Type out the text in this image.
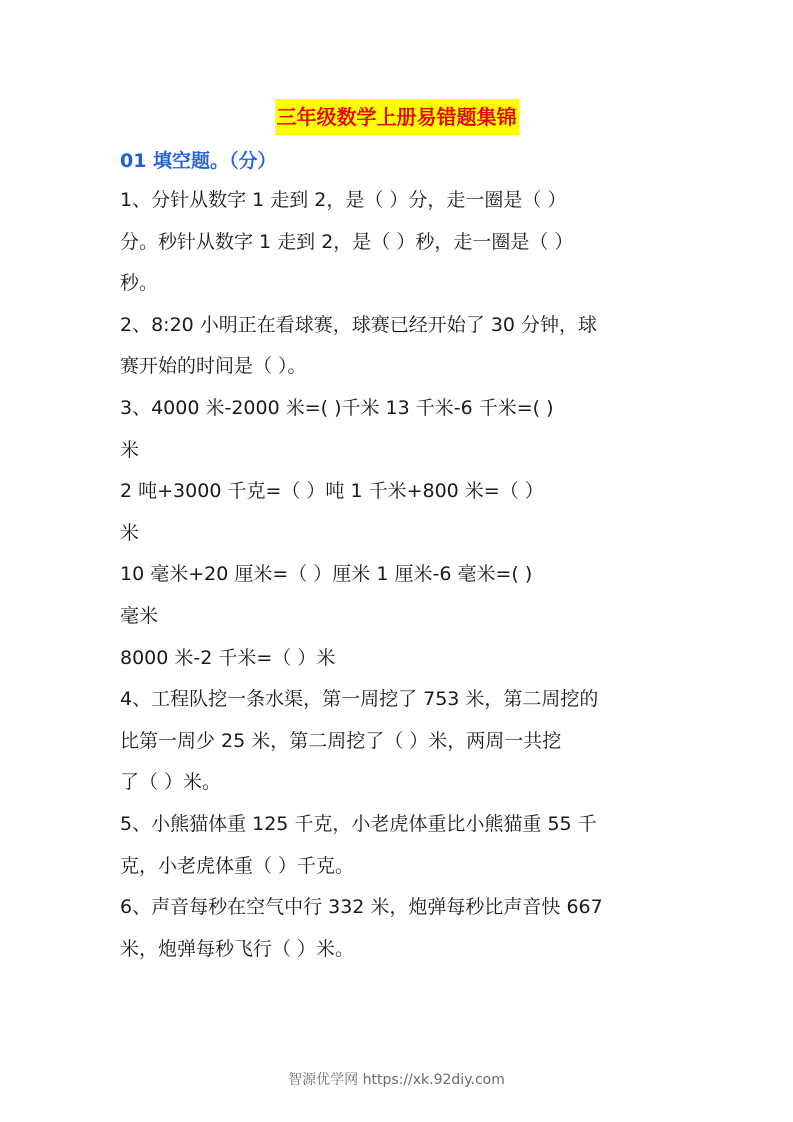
三年级数学上册易错题集锦
01 填空题。（分）
1、分针从数字 1 走到 2，是（ ）分，走一圈是（ ）
分。秒针从数字 1 走到 2，是（ ）秒，走一圈是（ ）
秒。
2、8:20 小明正在看球赛，球赛已经开始了 30 分钟，球
赛开始的时间是（ ）。
3、4000 米-2000 米=( )千米 13 千米-6 千米=( )
米
2 吨+3000 千克=（ ）吨 1 千米+800 米=（ ）
米
10 毫米+20 厘米=（ ）厘米 1 厘米-6 毫米=( )
毫米
8000 米-2 千米=（ ）米
4、工程队挖一条水渠，第一周挖了 753 米，第二周挖的
比第一周少 25 米，第二周挖了（ ）米，两周一共挖
了（ ）米。
5、小熊猫体重 125 千克，小老虎体重比小熊猫重 55 千
克，小老虎体重（ ）千克。
6、声音每秒在空气中行 332 米，炮弹每秒比声音快 667
米，炮弹每秒飞行（ ）米。
智源优学网 https://xk.92diy.com
